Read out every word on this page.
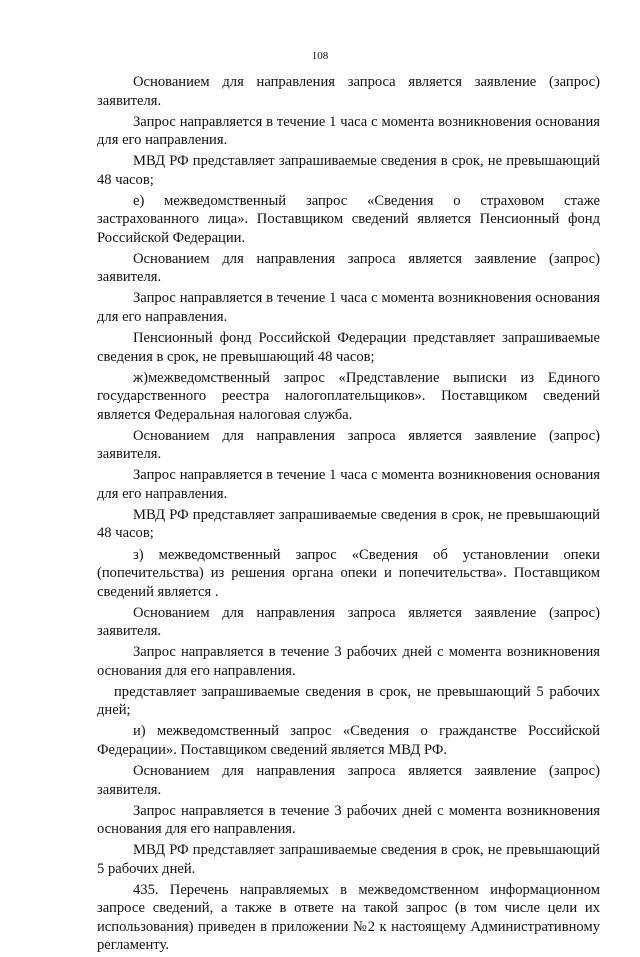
108

Основанием для направления запроса является заявление (запрос) заявителя.

Запрос направляется в течение 1 часа с момента возникновения основания для его направления.

МВД РФ представляет запрашиваемые сведения в срок, не превышающий 48 часов;

е) межведомственный запрос «Сведения о страховом стаже застрахованного лица». Поставщиком сведений является Пенсионный фонд Российской Федерации.

Основанием для направления запроса является заявление (запрос) заявителя.

Запрос направляется в течение 1 часа с момента возникновения основания для его направления.

Пенсионный фонд Российской Федерации представляет запрашиваемые сведения в срок, не превышающий 48 часов;

ж)межведомственный запрос «Представление выписки из Единого государственного реестра налогоплательщиков». Поставщиком сведений является Федеральная налоговая служба.

Основанием для направления запроса является заявление (запрос) заявителя.

Запрос направляется в течение 1 часа с момента возникновения основания для его направления.

МВД РФ представляет запрашиваемые сведения в срок, не превышающий 48 часов;

з) межведомственный запрос «Сведения об установлении опеки (попечительства) из решения органа опеки и попечительства». Поставщиком сведений является .

Основанием для направления запроса является заявление (запрос) заявителя.

Запрос направляется в течение 3 рабочих дней с момента возникновения основания для его направления.

представляет запрашиваемые сведения в срок, не превышающий 5 рабочих дней;

и) межведомственный запрос «Сведения о гражданстве Российской Федерации». Поставщиком сведений является МВД РФ.

Основанием для направления запроса является заявление (запрос) заявителя.

Запрос направляется в течение 3 рабочих дней с момента возникновения основания для его направления.

МВД РФ представляет запрашиваемые сведения в срок, не превышающий 5 рабочих дней.

435. Перечень направляемых в межведомственном информационном запросе сведений, а также в ответе на такой запрос (в том числе цели их использования) приведен в приложении №2 к настоящему Административному регламенту.
